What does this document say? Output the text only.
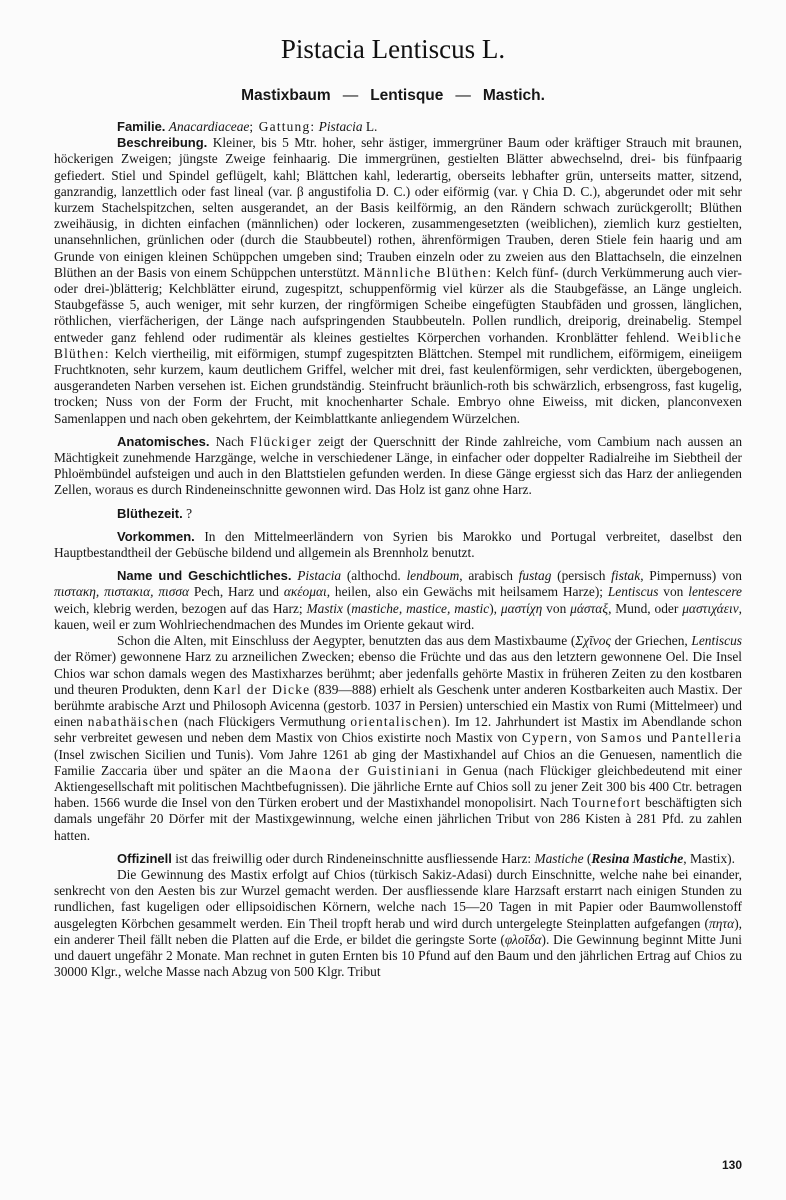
Pistacia Lentiscus L.
Mastixbaum — Lentisque — Mastich.

Familie. Anacardiaceae; Gattung: Pistacia L.

Beschreibung. Kleiner, bis 5 Mtr. hoher, sehr ästiger, immergrüner Baum oder kräftiger Strauch mit braunen, höckerigen Zweigen; jüngste Zweige feinhaarig. Die immergrünen, gestielten Blätter abwechselnd, drei- bis fünfpaarig gefiedert. Stiel und Spindel geflügelt, kahl; Blättchen kahl, lederartig, oberseits lebhafter grün, unterseits matter, sitzend, ganzrandig, lanzettlich oder fast lineal (var. β angustifolia D. C.) oder eiförmig (var. γ Chia D. C.), abgerundet oder mit sehr kurzem Stachelspitzchen, selten ausgerandet, an der Basis keilförmig, an den Rändern schwach zurückgerollt; Blüthen zweihäusig, in dichten einfachen (männlichen) oder lockeren, zusammengesetzten (weiblichen), ziemlich kurz gestielten, unansehnlichen, grünlichen oder (durch die Staubbeutel) rothen, ährenförmigen Trauben, deren Stiele fein haarig und am Grunde von einigen kleinen Schüppchen umgeben sind; Trauben einzeln oder zu zweien aus den Blattachseln, die einzelnen Blüthen an der Basis von einem Schüppchen unterstützt. Männliche Blüthen: Kelch fünf- (durch Verkümmerung auch vier- oder drei-)blätterig; Kelchblätter eirund, zugespitzt, schuppenförmig viel kürzer als die Staubgefässe, an Länge ungleich. Staubgefässe 5, auch weniger, mit sehr kurzen, der ringförmigen Scheibe eingefügten Staubfäden und grossen, länglichen, röthlichen, vierfächerigen, der Länge nach aufspringenden Staubbeuteln. Pollen rundlich, dreiporig, dreinabelig. Stempel entweder ganz fehlend oder rudimentär als kleines gestieltes Körperchen vorhanden. Kronblätter fehlend. Weibliche Blüthen: Kelch viertheilig, mit eiförmigen, stumpf zugespitzten Blättchen. Stempel mit rundlichem, eiförmigem, eineiigem Fruchtknoten, sehr kurzem, kaum deutlichem Griffel, welcher mit drei, fast keulenförmigen, sehr verdickten, übergebogenen, ausgerandeten Narben versehen ist. Eichen grundständig. Steinfrucht bräunlich-roth bis schwärzlich, erbsengross, fast kugelig, trocken; Nuss von der Form der Frucht, mit knochenharter Schale. Embryo ohne Eiweiss, mit dicken, planconvexen Samenlappen und nach oben gekehrtem, der Keimblattkante anliegendem Würzelchen.

Anatomisches. Nach Flückiger zeigt der Querschnitt der Rinde zahlreiche, vom Cambium nach aussen an Mächtigkeit zunehmende Harzgänge, welche in verschiedener Länge, in einfacher oder doppelter Radialreihe im Siebtheil der Phloëmbündel aufsteigen und auch in den Blattstielen gefunden werden. In diese Gänge ergiesst sich das Harz der anliegenden Zellen, woraus es durch Rindeneinschnitte gewonnen wird. Das Holz ist ganz ohne Harz.

Blüthezeit. ?

Vorkommen. In den Mittelmeerländern von Syrien bis Marokko und Portugal verbreitet, daselbst den Hauptbestandtheil der Gebüsche bildend und allgemein als Brennholz benutzt.

Name und Geschichtliches. Pistacia (althochd. lendboum, arabisch fustag (persisch fistak, Pimpernuss) von πιστακη, πιστακια, πισσα Pech, Harz und ακέομαι, heilen, also ein Gewächs mit heilsamem Harze); Lentiscus von lentescere weich, klebrig werden, bezogen auf das Harz; Mastix (mastiche, mastice, mastic), μαστίχη von μάσταξ, Mund, oder μαστιχάειν, kauen, weil er zum Wohlriechendmachen des Mundes im Oriente gekaut wird.

Schon die Alten, mit Einschluss der Aegypter, benutzten das aus dem Mastixbaume (Σχῖνος der Griechen, Lentiscus der Römer) gewonnene Harz zu arzneilichen Zwecken; ebenso die Früchte und das aus den letztern gewonnene Oel. Die Insel Chios war schon damals wegen des Mastixharzes berühmt; aber jedenfalls gehörte Mastix in früheren Zeiten zu den kostbaren und theuren Produkten, denn Karl der Dicke (839—888) erhielt als Geschenk unter anderen Kostbarkeiten auch Mastix. Der berühmte arabische Arzt und Philosoph Avicenna (gestorb. 1037 in Persien) unterschied ein Mastix von Rumi (Mittelmeer) und einen nabathäischen (nach Flückigers Vermuthung orientalischen). Im 12. Jahrhundert ist Mastix im Abendlande schon sehr verbreitet gewesen und neben dem Mastix von Chios existirte noch Mastix von Cypern, von Samos und Pantelleria (Insel zwischen Sicilien und Tunis). Vom Jahre 1261 ab ging der Mastixhandel auf Chios an die Genuesen, namentlich die Familie Zaccaria über und später an die Maona der Guistiniani in Genua (nach Flückiger gleichbedeutend mit einer Aktiengesellschaft mit politischen Machtbefugnissen). Die jährliche Ernte auf Chios soll zu jener Zeit 300 bis 400 Ctr. betragen haben. 1566 wurde die Insel von den Türken erobert und der Mastixhandel monopolisirt. Nach Tournefort beschäftigten sich damals ungefähr 20 Dörfer mit der Mastixgewinnung, welche einen jährlichen Tribut von 286 Kisten à 281 Pfd. zu zahlen hatten.

Offizinell ist das freiwillig oder durch Rindeneinschnitte ausfliessende Harz: Mastiche (Resina Mastiche, Mastix).

Die Gewinnung des Mastix erfolgt auf Chios (türkisch Sakiz-Adasi) durch Einschnitte, welche nahe bei einander, senkrecht von den Aesten bis zur Wurzel gemacht werden. Der ausfliessende klare Harzsaft erstarrt nach einigen Stunden zu rundlichen, fast kugeligen oder ellipsoidischen Körnern, welche nach 15—20 Tagen in mit Papier oder Baumwollenstoff ausgelegten Körbchen gesammelt werden. Ein Theil tropft herab und wird durch untergelegte Steinplatten aufgefangen (πητα), ein anderer Theil fällt neben die Platten auf die Erde, er bildet die geringste Sorte (φλοῖδα). Die Gewinnung beginnt Mitte Juni und dauert ungefähr 2 Monate. Man rechnet in guten Ernten bis 10 Pfund auf den Baum und den jährlichen Ertrag auf Chios zu 30000 Klgr., welche Masse nach Abzug von 500 Klgr. Tribut

130
